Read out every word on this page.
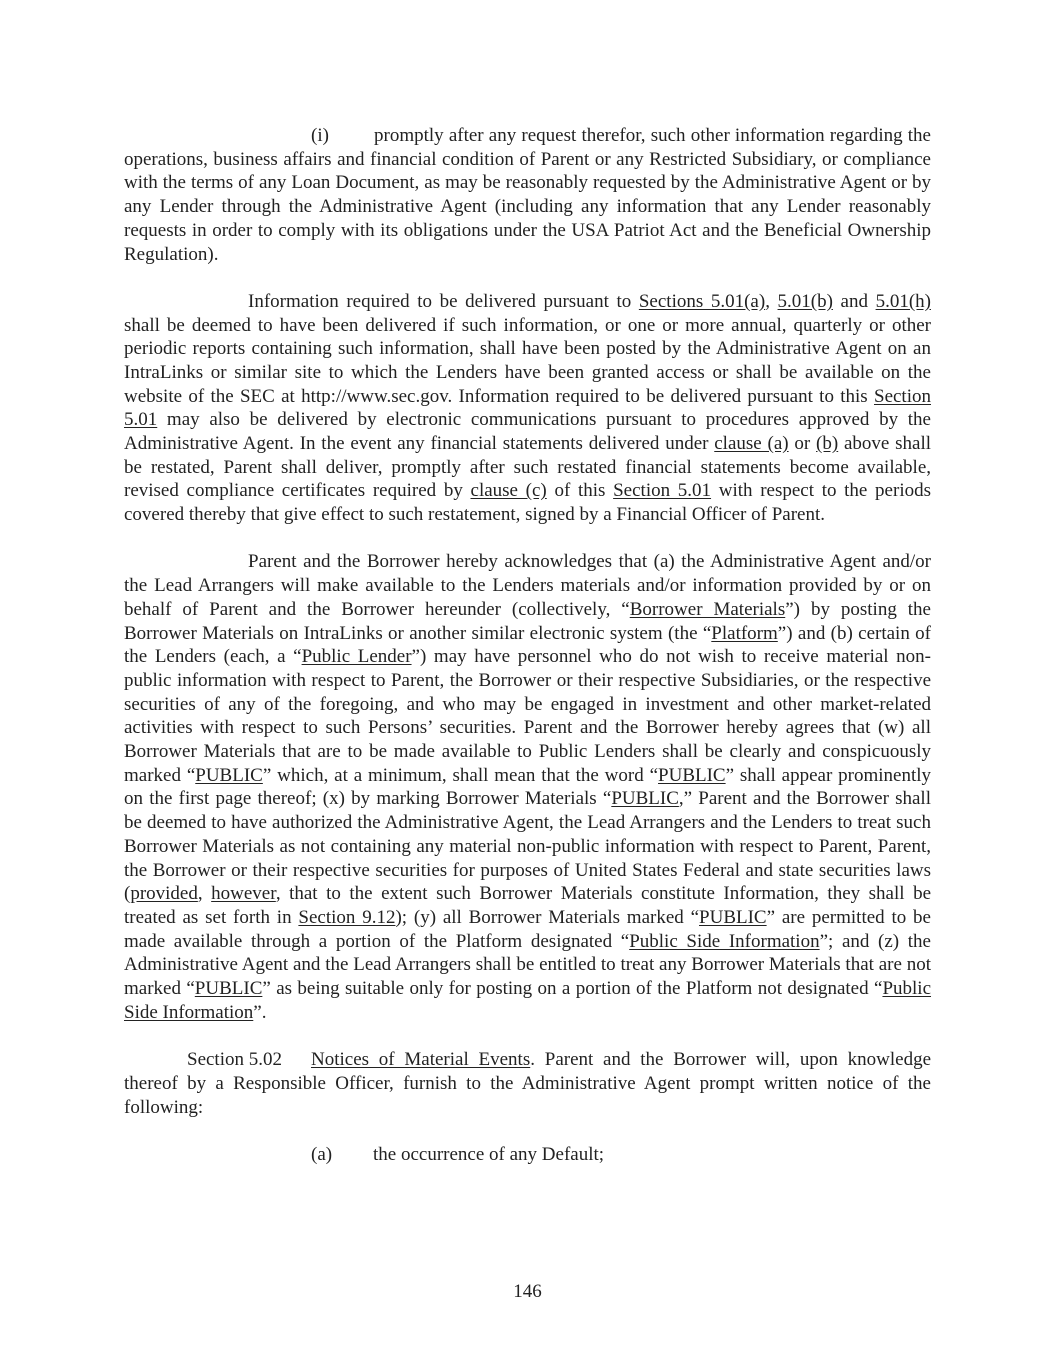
(i) promptly after any request therefor, such other information regarding the operations, business affairs and financial condition of Parent or any Restricted Subsidiary, or compliance with the terms of any Loan Document, as may be reasonably requested by the Administrative Agent or by any Lender through the Administrative Agent (including any information that any Lender reasonably requests in order to comply with its obligations under the USA Patriot Act and the Beneficial Ownership Regulation).

Information required to be delivered pursuant to Sections 5.01(a), 5.01(b) and 5.01(h) shall be deemed to have been delivered if such information, or one or more annual, quarterly or other periodic reports containing such information, shall have been posted by the Administrative Agent on an IntraLinks or similar site to which the Lenders have been granted access or shall be available on the website of the SEC at http://www.sec.gov. Information required to be delivered pursuant to this Section 5.01 may also be delivered by electronic communications pursuant to procedures approved by the Administrative Agent. In the event any financial statements delivered under clause (a) or (b) above shall be restated, Parent shall deliver, promptly after such restated financial statements become available, revised compliance certificates required by clause (c) of this Section 5.01 with respect to the periods covered thereby that give effect to such restatement, signed by a Financial Officer of Parent.

Parent and the Borrower hereby acknowledges that (a) the Administrative Agent and/or the Lead Arrangers will make available to the Lenders materials and/or information provided by or on behalf of Parent and the Borrower hereunder (collectively, “Borrower Materials”) by posting the Borrower Materials on IntraLinks or another similar electronic system (the “Platform”) and (b) certain of the Lenders (each, a “Public Lender”) may have personnel who do not wish to receive material non-public information with respect to Parent, the Borrower or their respective Subsidiaries, or the respective securities of any of the foregoing, and who may be engaged in investment and other market-related activities with respect to such Persons’ securities. Parent and the Borrower hereby agrees that (w) all Borrower Materials that are to be made available to Public Lenders shall be clearly and conspicuously marked “PUBLIC” which, at a minimum, shall mean that the word “PUBLIC” shall appear prominently on the first page thereof; (x) by marking Borrower Materials “PUBLIC,” Parent and the Borrower shall be deemed to have authorized the Administrative Agent, the Lead Arrangers and the Lenders to treat such Borrower Materials as not containing any material non-public information with respect to Parent, Parent, the Borrower or their respective securities for purposes of United States Federal and state securities laws (provided, however, that to the extent such Borrower Materials constitute Information, they shall be treated as set forth in Section 9.12); (y) all Borrower Materials marked “PUBLIC” are permitted to be made available through a portion of the Platform designated “Public Side Information”; and (z) the Administrative Agent and the Lead Arrangers shall be entitled to treat any Borrower Materials that are not marked “PUBLIC” as being suitable only for posting on a portion of the Platform not designated “Public Side Information”.

Section 5.02 Notices of Material Events. Parent and the Borrower will, upon knowledge thereof by a Responsible Officer, furnish to the Administrative Agent prompt written notice of the following:

(a) the occurrence of any Default;

146
